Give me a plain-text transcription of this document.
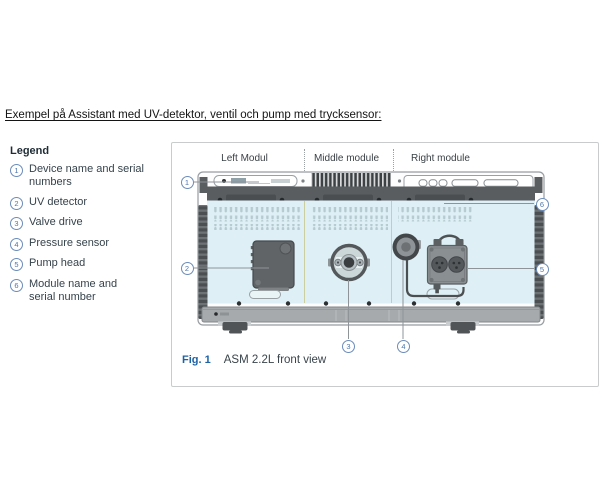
Exempel på Assistant med UV-detektor, ventil och pump med trycksensor:
Legend
1 Device name and serial numbers
2 UV detector
3 Valve drive
4 Pressure sensor
5 Pump head
6 Module name and serial number
Left Modul	Middle module	Right module
1
2
3	4
5
6
Fig. 1 ASM 2.2L front view
